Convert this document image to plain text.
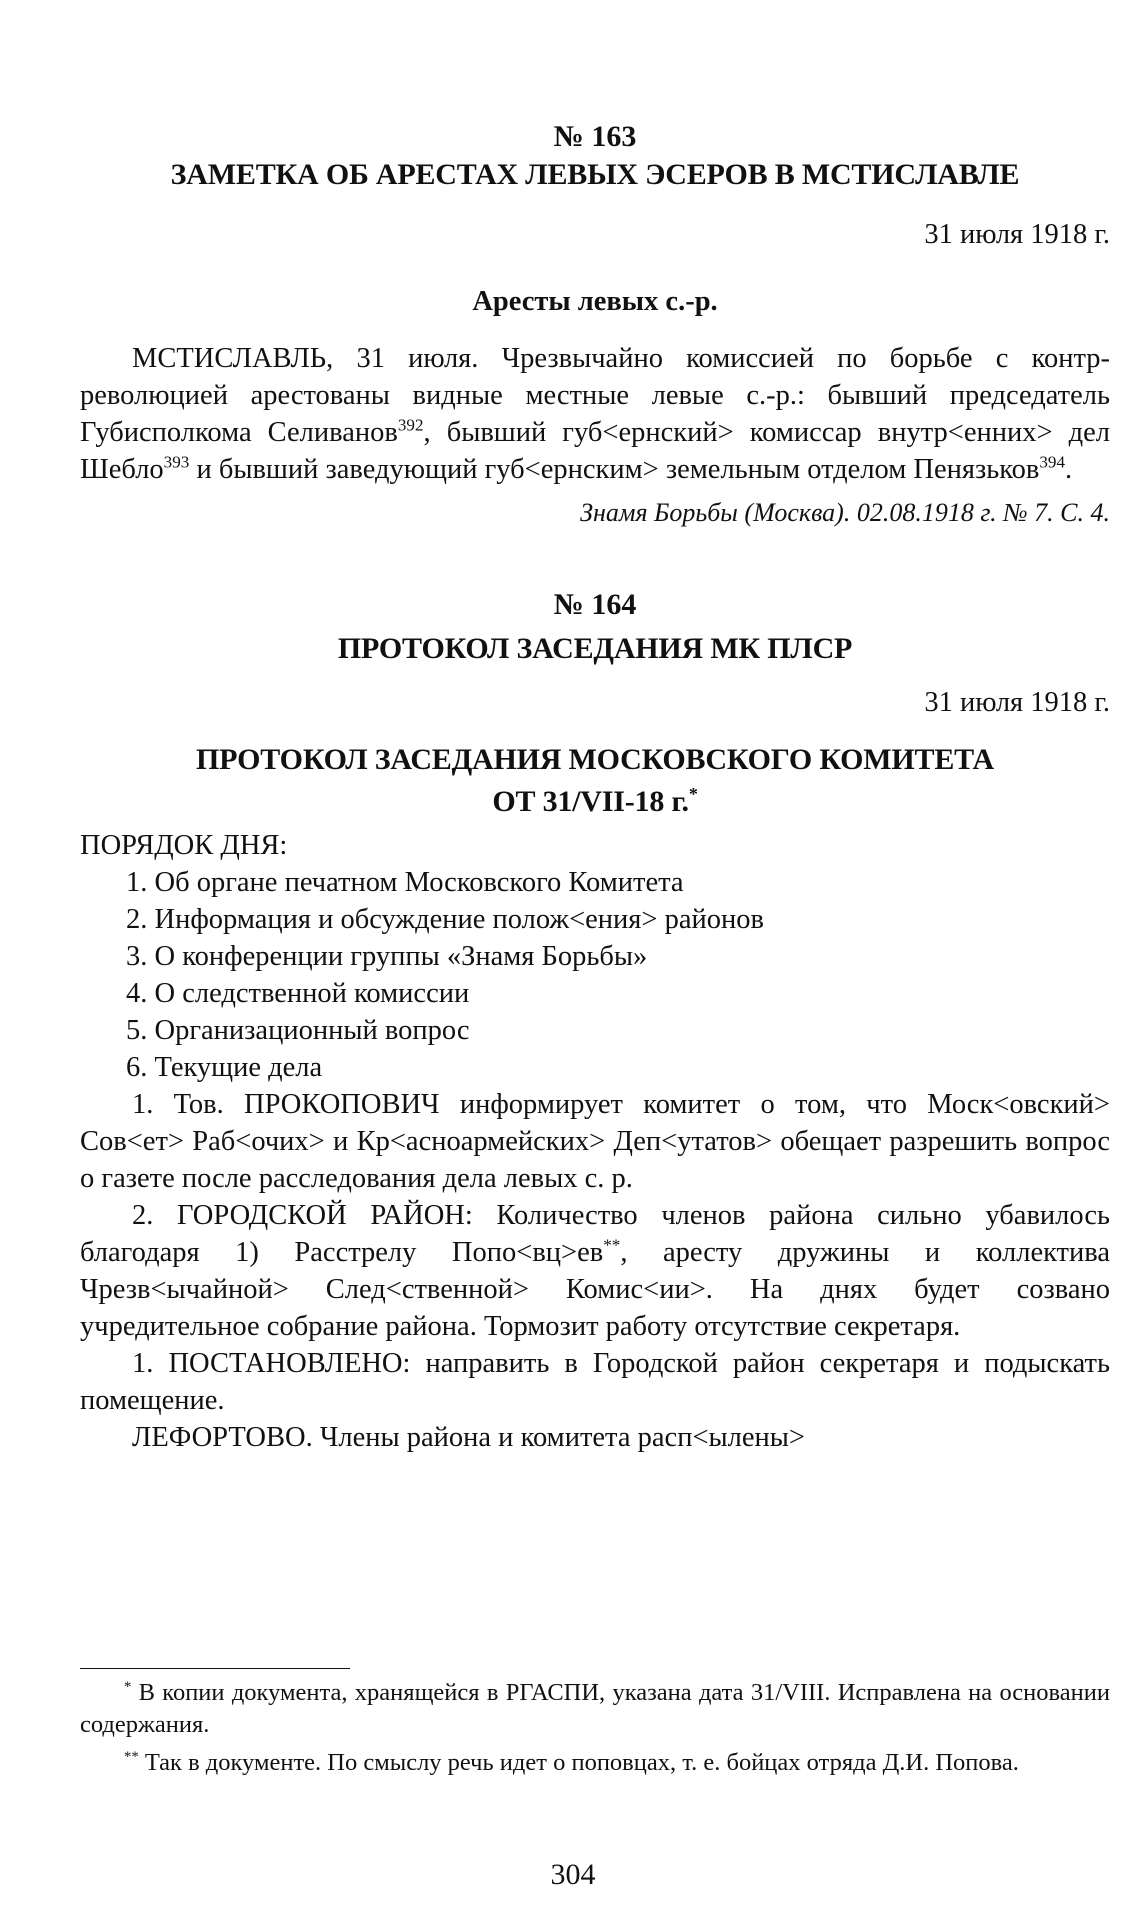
№ 163
ЗАМЕТКА ОБ АРЕСТАХ ЛЕВЫХ ЭСЕРОВ В МСТИСЛАВЛЕ
31 июля 1918 г.
Аресты левых с.-р.

МСТИСЛАВЛЬ, 31 июля. Чрезвычайно комиссией по борьбе с контр-революцией арестованы видные местные левые с.-р.: бывший председатель Губисполкома Селиванов$^{392}$, бывший губ<ернский> комиссар внутр<енних> дел Шебло$^{393}$ и бывший заведующий губ<ернским> земельным отделом Пенязьков$^{394}$.

Знамя Борьбы (Москва). 02.08.1918 г. № 7. С. 4.
№ 164
ПРОТОКОЛ ЗАСЕДАНИЯ МК ПЛСР
31 июля 1918 г.
ПРОТОКОЛ ЗАСЕДАНИЯ МОСКОВСКОГО КОМИТЕТА
ОТ 31/VII-18 г.*
ПОРЯДОК ДНЯ:
1. Об органе печатном Московского Комитета
2. Информация и обсуждение полож<ения> районов
3. О конференции группы «Знамя Борьбы»
4. О следственной комиссии
5. Организационный вопрос
6. Текущие дела

1. Тов. ПРОКОПОВИЧ информирует комитет о том, что Моск<овский> Сов<ет> Раб<очих> и Кр<асноармейских> Деп<утатов> обещает разрешить вопрос о газете после расследования дела левых с. р.

2. ГОРОДСКОЙ РАЙОН: Количество членов района сильно убавилось благодаря 1) Расстрелу Попо<вц>ев**, аресту дружины и коллектива Чрезв<ычайной> След<ственной> Комис<ии>. На днях будет созвано учредительное собрание района. Тормозит работу отсутствие секретаря.

1. ПОСТАНОВЛЕНО: направить в Городской район секретаря и подыскать помещение.

ЛЕФОРТОВО. Члены района и комитета расп<ылены>

* В копии документа, хранящейся в РГАСПИ, указана дата 31/VIII. Исправлена на основании содержания.

** Так в документе. По смыслу речь идет о поповцах, т. е. бойцах отряда Д.И. Попова.

304
